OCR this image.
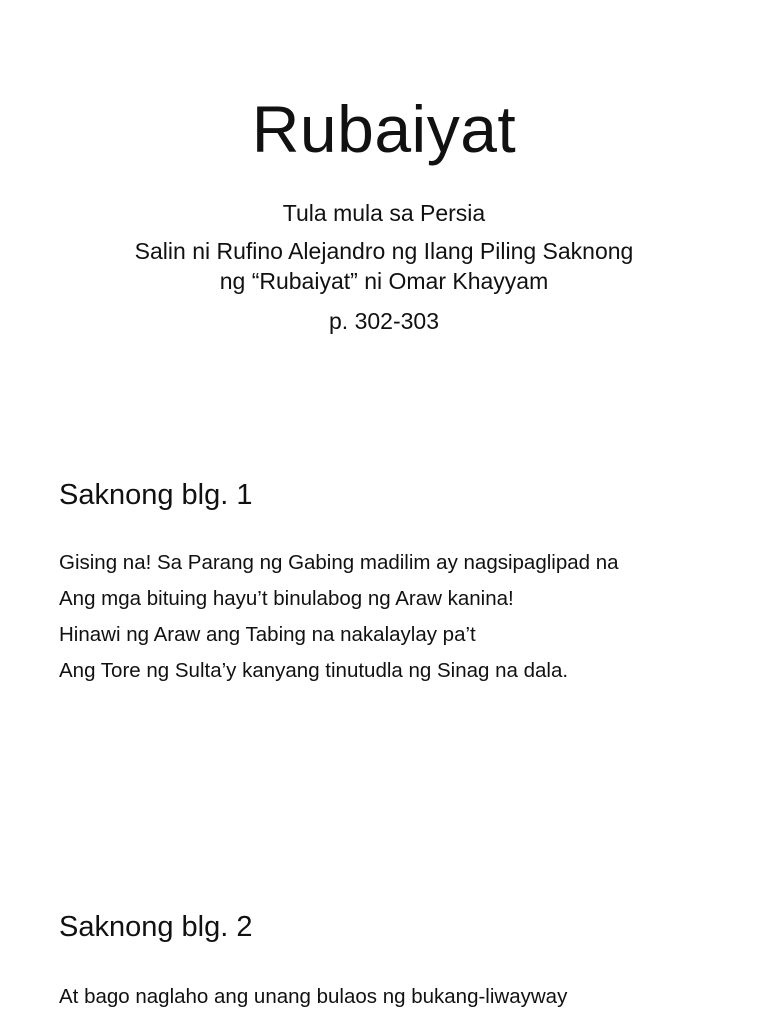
Rubaiyat
Tula mula sa Persia
Salin ni Rufino Alejandro ng Ilang Piling Saknong
ng “Rubaiyat” ni Omar Khayyam
p. 302-303
Saknong blg. 1
Gising na! Sa Parang ng Gabing madilim ay nagsipaglipad na
Ang mga bituing hayu’t binulabog ng Araw kanina!
Hinawi ng Araw ang Tabing na nakalaylay pa’t
Ang Tore ng Sulta’y kanyang tinutudla ng Sinag na dala.
Saknong blg. 2
At bago naglaho ang unang bulaos ng bukang-liwayway
